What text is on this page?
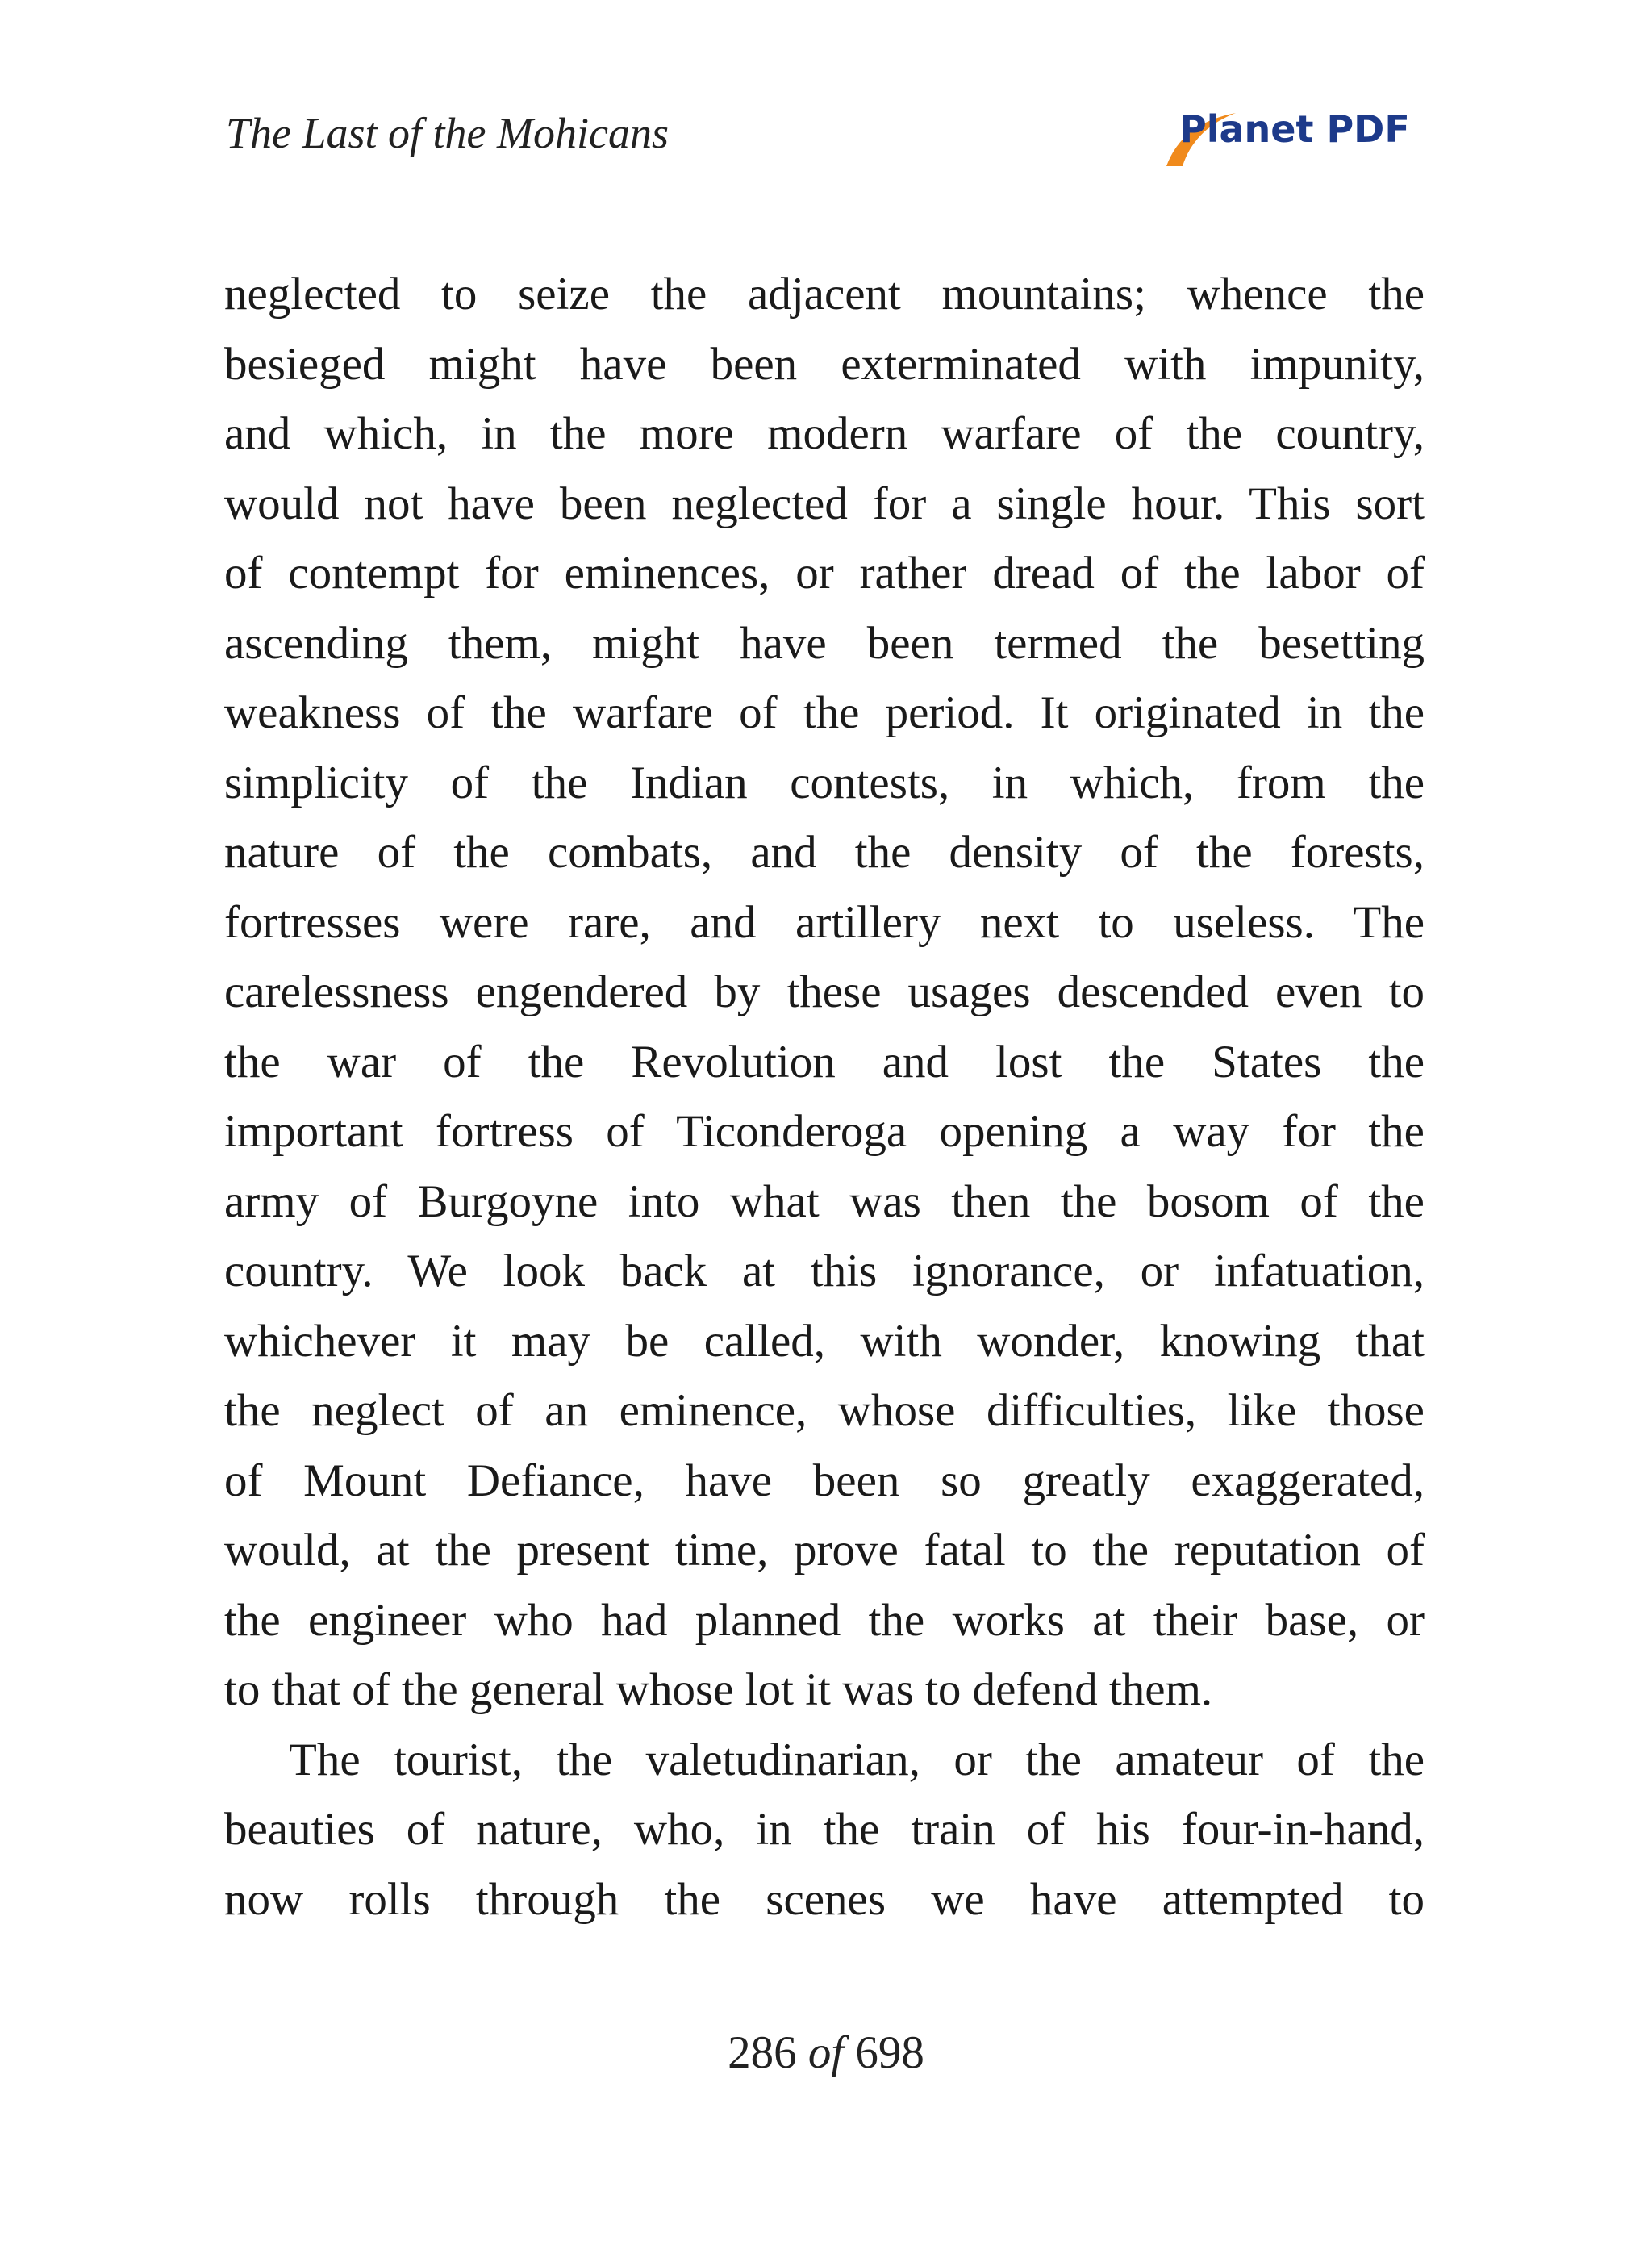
The Last of the Mohicans	Planet PDF
neglected to seize the adjacent mountains; whence the
besieged might have been exterminated with impunity,
and which, in the more modern warfare of the country,
would not have been neglected for a single hour. This sort
of contempt for eminences, or rather dread of the labor of
ascending them, might have been termed the besetting
weakness of the warfare of the period. It originated in the
simplicity of the Indian contests, in which, from the
nature of the combats, and the density of the forests,
fortresses were rare, and artillery next to useless. The
carelessness engendered by these usages descended even to
the war of the Revolution and lost the States the
important fortress of Ticonderoga opening a way for the
army of Burgoyne into what was then the bosom of the
country. We look back at this ignorance, or infatuation,
whichever it may be called, with wonder, knowing that
the neglect of an eminence, whose difficulties, like those
of Mount Defiance, have been so greatly exaggerated,
would, at the present time, prove fatal to the reputation of
the engineer who had planned the works at their base, or
to that of the general whose lot it was to defend them.
The tourist, the valetudinarian, or the amateur of the
beauties of nature, who, in the train of his four-in-hand,
now rolls through the scenes we have attempted to
286 of 698
